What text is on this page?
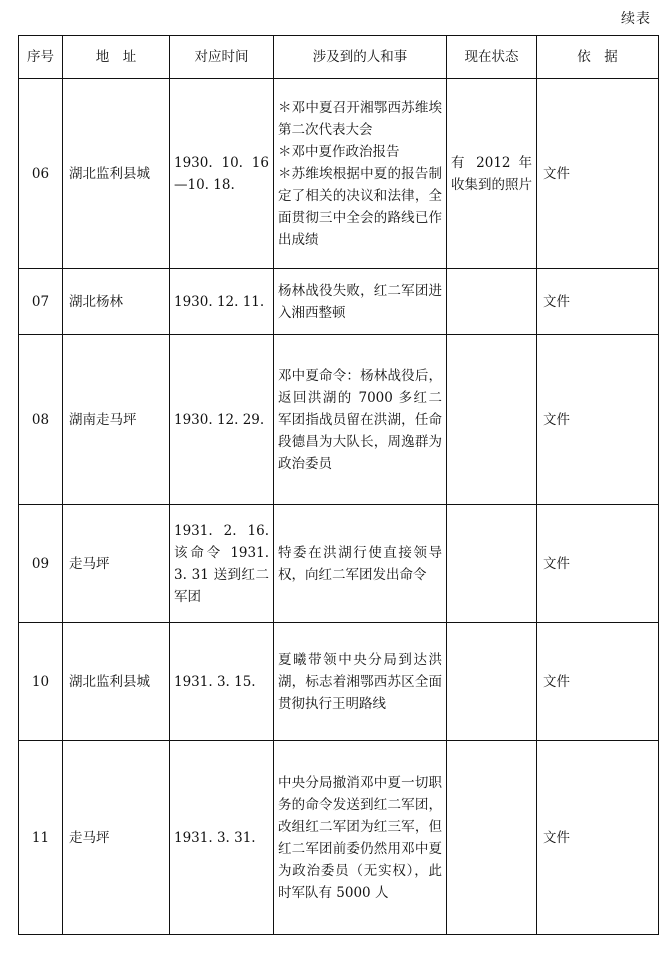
续表
序号	地　址	对应时间	涉及到的人和事	现在状态	依　据
06	湖北监利县城	1930. 10. 16—10. 18.	＊邓中夏召开湘鄂西苏维埃第二次代表大会
＊邓中夏作政治报告
＊苏维埃根据中夏的报告制定了相关的决议和法律，全面贯彻三中全会的路线已作出成绩	有 2012 年收集到的照片	文件
07	湖北杨林	1930. 12. 11.	杨林战役失败，红二军团进入湘西整顿		文件
08	湖南走马坪	1930. 12. 29.	邓中夏命令：杨林战役后，返回洪湖的 7000 多红二军团指战员留在洪湖，任命段德昌为大队长，周逸群为政治委员		文件
09	走马坪	1931. 2. 16. 该命令 1931. 3. 31 送到红二军团	特委在洪湖行使直接领导权，向红二军团发出命令		文件
10	湖北监利县城	1931. 3. 15.	夏曦带领中央分局到达洪湖，标志着湘鄂西苏区全面贯彻执行王明路线		文件
11	走马坪	1931. 3. 31.	中央分局撤消邓中夏一切职务的命令发送到红二军团，改组红二军团为红三军，但红二军团前委仍然用邓中夏为政治委员（无实权），此时军队有 5000 人		文件
